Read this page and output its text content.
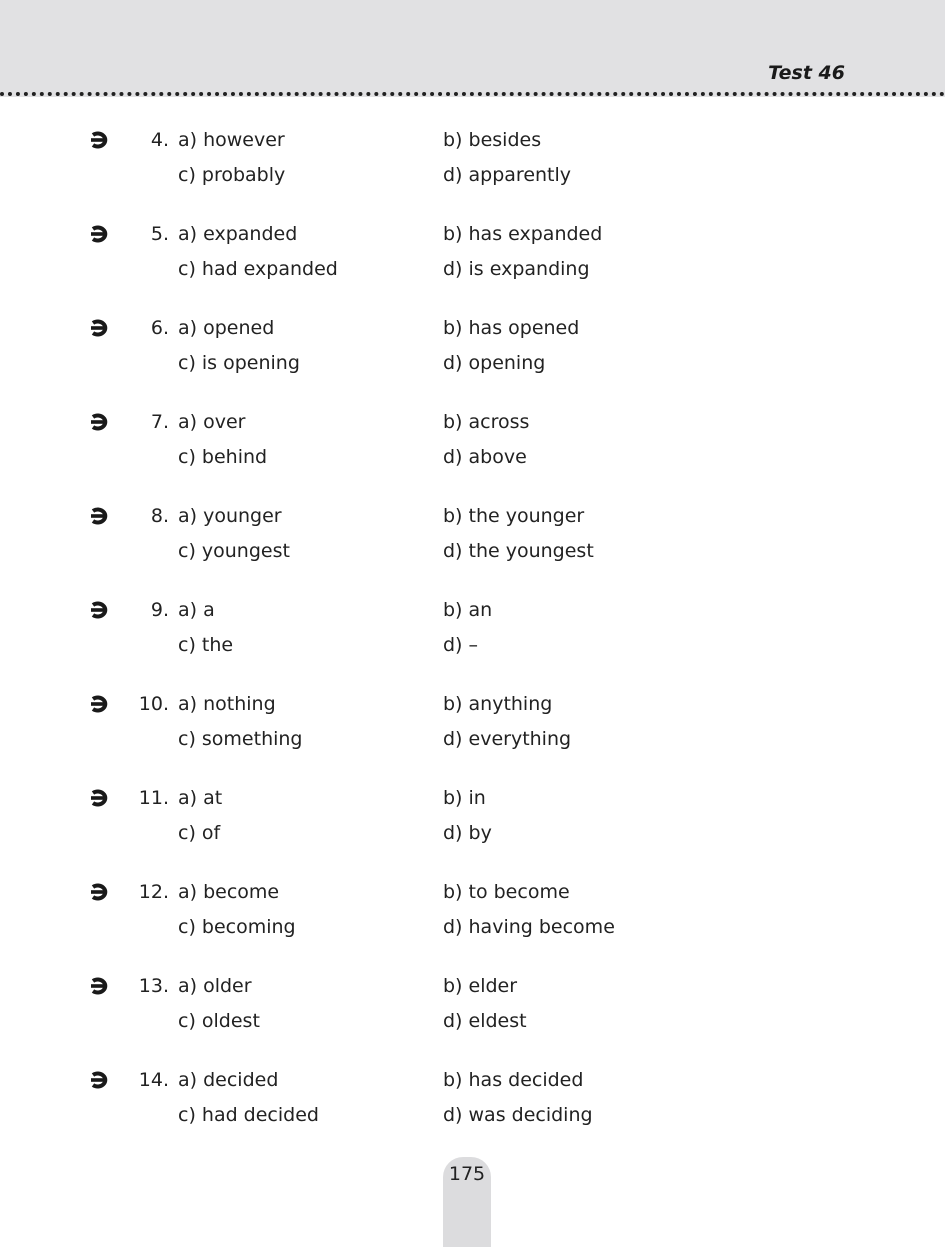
Test 46
4. a) however	b) besides
c) probably	d) apparently
5. a) expanded	b) has expanded
c) had expanded	d) is expanding
6. a) opened	b) has opened
c) is opening	d) opening
7. a) over	b) across
c) behind	d) above
8. a) younger	b) the younger
c) youngest	d) the youngest
9. a) a	b) an
c) the	d) –
10. a) nothing	b) anything
c) something	d) everything
11. a) at	b) in
c) of	d) by
12. a) become	b) to become
c) becoming	d) having become
13. a) older	b) elder
c) oldest	d) eldest
14. a) decided	b) has decided
c) had decided	d) was deciding
175
